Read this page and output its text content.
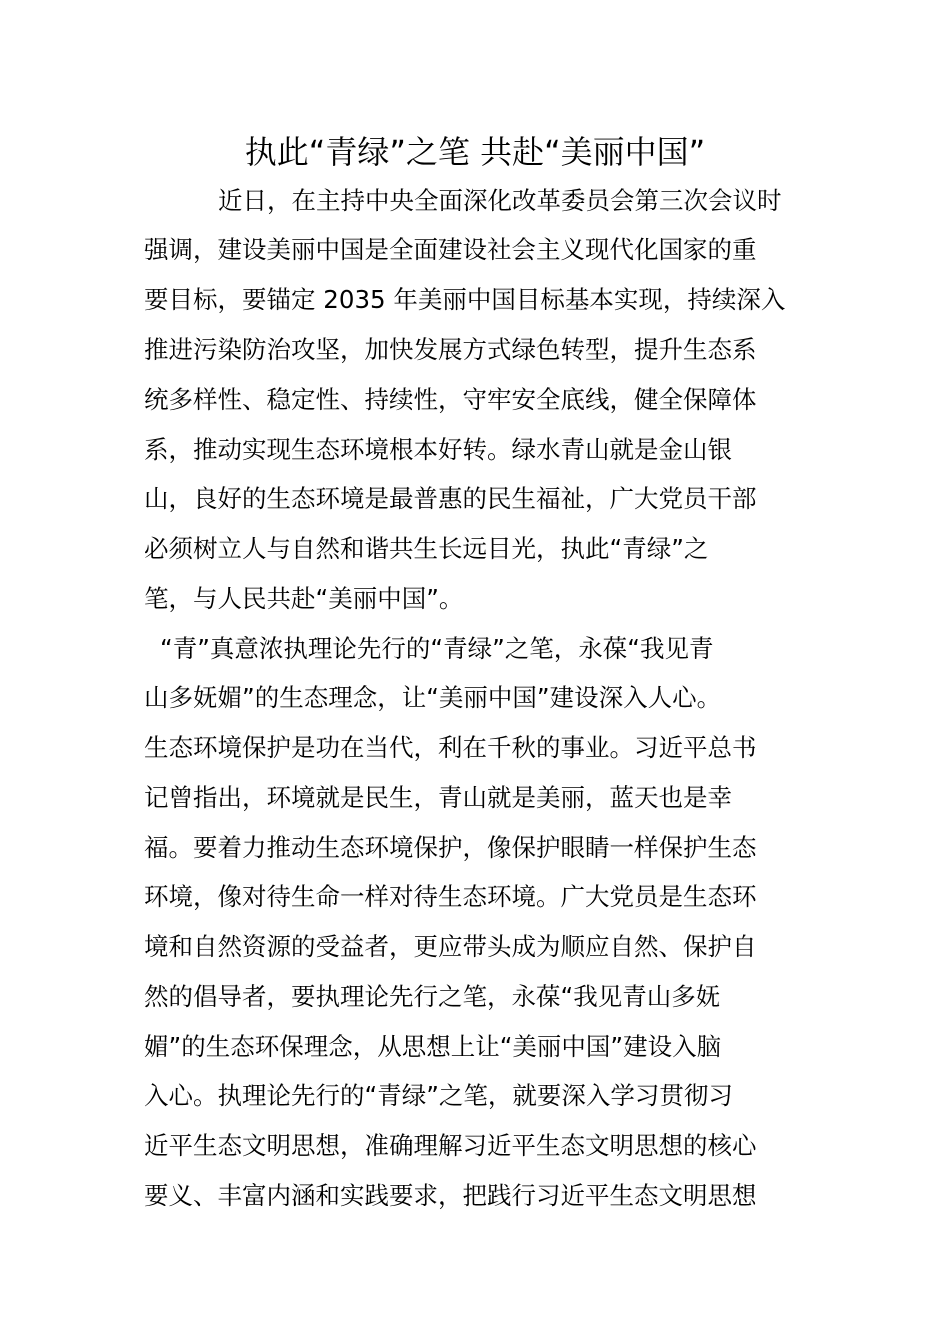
执此“青绿”之笔 共赴“美丽中国”
近日，在主持中央全面深化改革委员会第三次会议时
强调，建设美丽中国是全面建设社会主义现代化国家的重
要目标，要锚定 2035 年美丽中国目标基本实现，持续深入
推进污染防治攻坚，加快发展方式绿色转型，提升生态系
统多样性、稳定性、持续性，守牢安全底线，健全保障体
系，推动实现生态环境根本好转。绿水青山就是金山银
山，良好的生态环境是最普惠的民生福祉，广大党员干部
必须树立人与自然和谐共生长远目光，执此“青绿”之
笔，与人民共赴“美丽中国”。
“青”真意浓执理论先行的“青绿”之笔，永葆“我见青
山多妩媚”的生态理念，让“美丽中国”建设深入人心。
生态环境保护是功在当代，利在千秋的事业。习近平总书
记曾指出，环境就是民生，青山就是美丽，蓝天也是幸
福。要着力推动生态环境保护，像保护眼睛一样保护生态
环境，像对待生命一样对待生态环境。广大党员是生态环
境和自然资源的受益者，更应带头成为顺应自然、保护自
然的倡导者，要执理论先行之笔，永葆“我见青山多妩
媚”的生态环保理念，从思想上让“美丽中国”建设入脑
入心。执理论先行的“青绿”之笔，就要深入学习贯彻习
近平生态文明思想，准确理解习近平生态文明思想的核心
要义、丰富内涵和实践要求，把践行习近平生态文明思想
